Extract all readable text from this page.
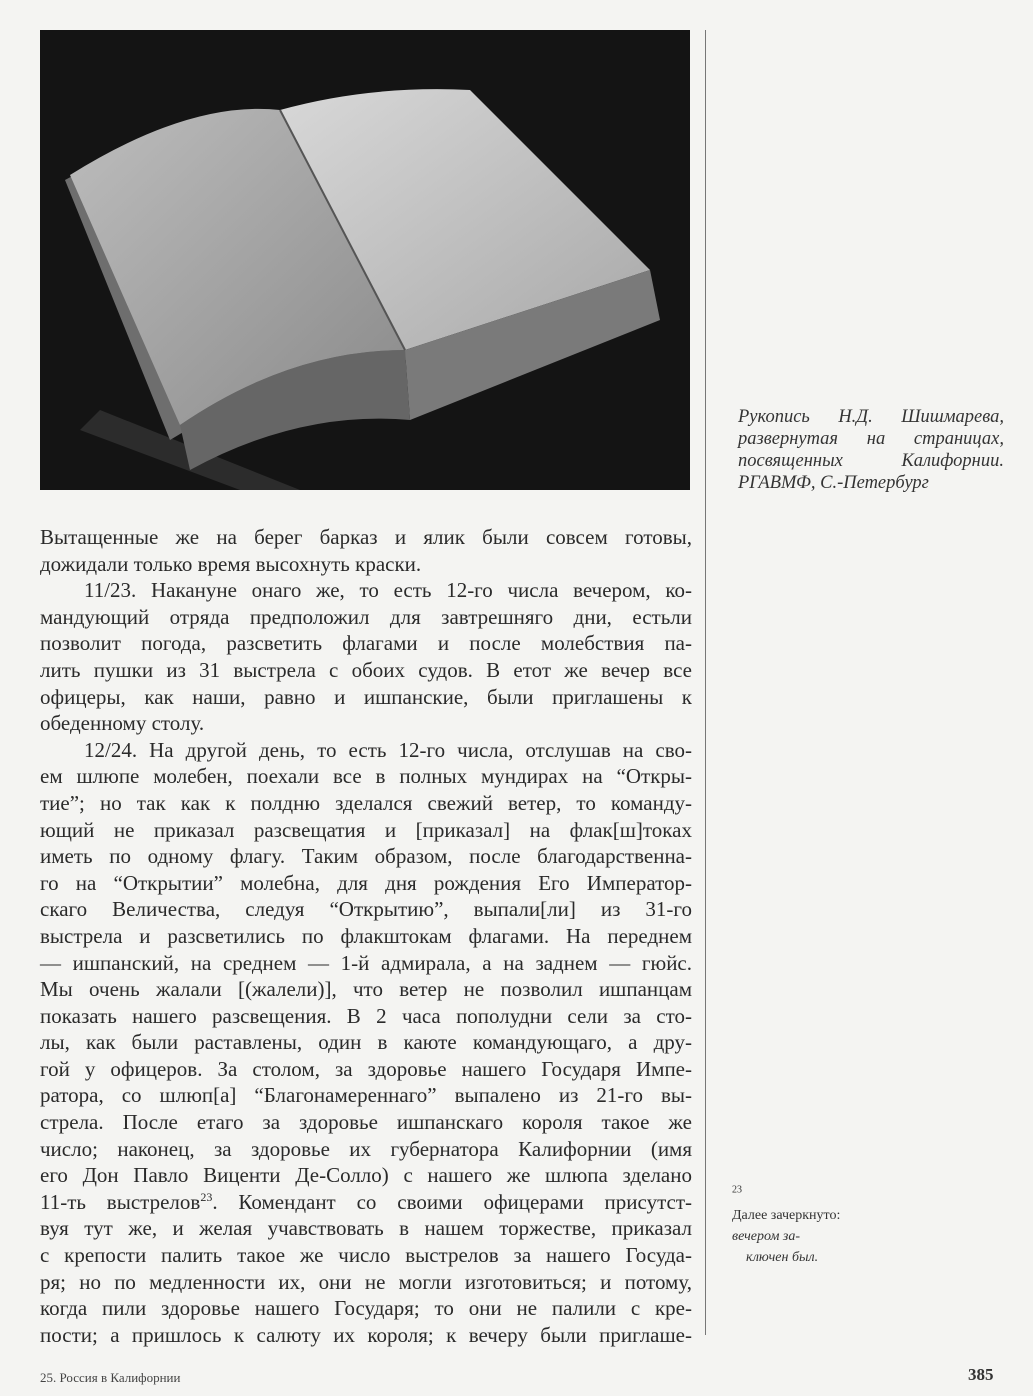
Рукопись Н.Д. Шишмарева,
развернутая на страницах,
посвященных Калифорнии.
РГАВМФ, С.-Петербург
Вытащенные же на берег барказ и ялик были совсем готовы,
дожидали только время высохнуть краски.
11/23. Накануне онаго же, то есть 12-го числа вечером, ко-
мандующий отряда предположил для завтрешняго дни, естьли
позволит погода, разсветить флагами и после молебствия па-
лить пушки из 31 выстрела с обоих судов. В етот же вечер все
офицеры, как наши, равно и ишпанские, были приглашены к
обеденному столу.
12/24. На другой день, то есть 12-го числа, отслушав на сво-
ем шлюпе молебен, поехали все в полных мундирах на “Откры-
тие”; но так как к полдню зделался свежий ветер, то команду-
ющий не приказал разсвещатия и [приказал] на флак[ш]токах
иметь по одному флагу. Таким образом, после благодарственна-
го на “Открытии” молебна, для дня рождения Его Император-
скаго Величества, следуя “Открытию”, выпали[ли] из 31-го
выстрела и разсветились по флакштокам флагами. На переднем
— ишпанский, на среднем — 1-й адмирала, а на заднем — гюйс.
Мы очень жалали [(жалели)], что ветер не позволил ишпанцам
показать нашего разсвещения. В 2 часа пополудни сели за сто-
лы, как были раставлены, один в каюте командующаго, а дру-
гой у офицеров. За столом, за здоровье нашего Государя Импе-
ратора, со шлюп[а] “Благонамереннаго” выпалено из 21-го вы-
стрела. После етаго за здоровье ишпанскаго короля такое же
число; наконец, за здоровье их губернатора Калифорнии (имя
его Дон Павло Виценти Де-Солло) с нашего же шлюпа зделано
11-ть выстрелов$^{23}$. Комендант со своими офицерами присутст-
вуя тут же, и желая учавствовать в нашем торжестве, приказал
с крепости палить такое же число выстрелов за нашего Госуда-
ря; но по медленности их, они не могли изготовиться; и потому,
когда пили здоровье нашего Государя; то они не палили с кре-
пости; а пришлось к салюту их короля; к вечеру были приглаше-
$^{23}$
Далее зачеркнуто:
вечером за-
ключен был.
25. Россия в Калифорнии	385
